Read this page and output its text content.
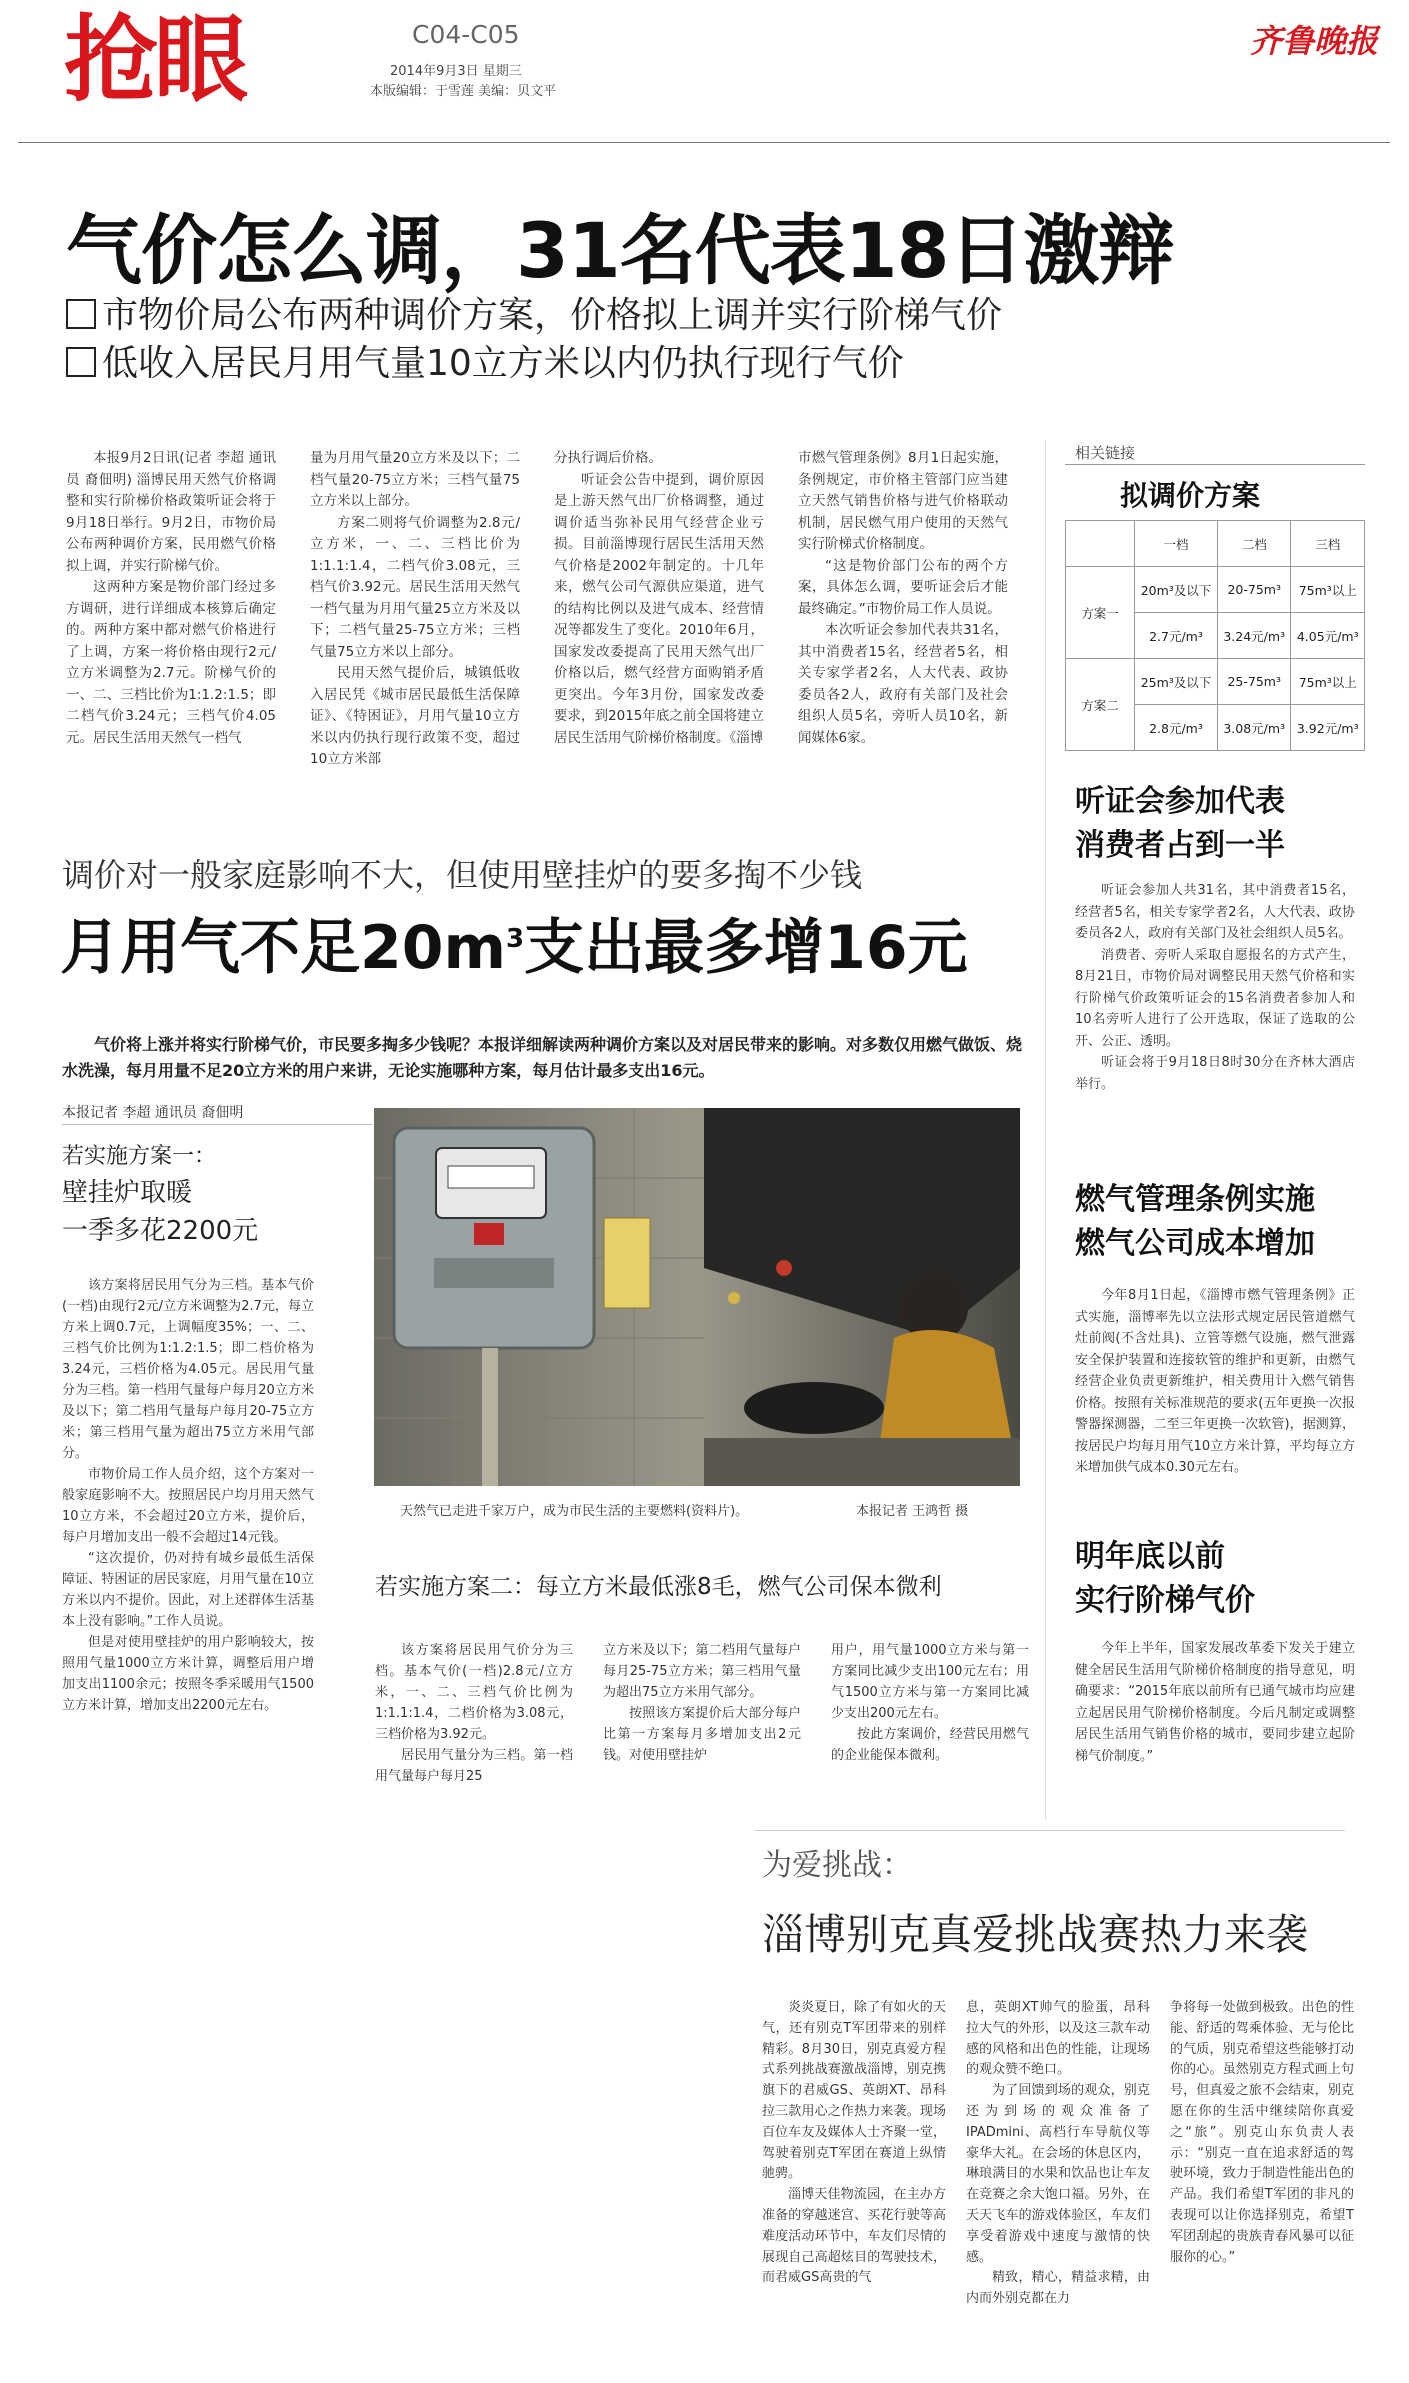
抢眼	C04-C05
2014年9月3日 星期三
本版编辑：于雪莲 美编：贝文平
齐鲁晚报
气价怎么调，31名代表18日激辩
市物价局公布两种调价方案，价格拟上调并实行阶梯气价
低收入居民月用气量10立方米以内仍执行现行气价

本报9月2日讯(记者 李超 通讯员 裔佃明) 淄博民用天然气价格调整和实行阶梯价格政策听证会将于9月18日举行。9月2日，市物价局公布两种调价方案，民用燃气价格拟上调，并实行阶梯气价。

这两种方案是物价部门经过多方调研，进行详细成本核算后确定的。两种方案中都对燃气价格进行了上调，方案一将价格由现行2元/立方米调整为2.7元。阶梯气价的一、二、三档比价为1:1.2:1.5；即二档气价3.24元；三档气价4.05元。居民生活用天然气一档气

量为月用气量20立方米及以下；二档气量20-75立方米；三档气量75立方米以上部分。

方案二则将气价调整为2.8元/立方米，一、二、三档比价为1:1.1:1.4，二档气价3.08元，三档气价3.92元。居民生活用天然气一档气量为月用气量25立方米及以下；二档气量25-75立方米；三档气量75立方米以上部分。

民用天然气提价后，城镇低收入居民凭《城市居民最低生活保障证》、《特困证》，月用气量10立方米以内仍执行现行政策不变，超过10立方米部

分执行调后价格。

听证会公告中提到，调价原因是上游天然气出厂价格调整，通过调价适当弥补民用气经营企业亏损。目前淄博现行居民生活用天然气价格是2002年制定的。十几年来，燃气公司气源供应渠道，进气的结构比例以及进气成本、经营情况等都发生了变化。2010年6月，国家发改委提高了民用天然气出厂价格以后，燃气经营方面购销矛盾更突出。今年3月份，国家发改委要求，到2015年底之前全国将建立居民生活用气阶梯价格制度。《淄博

市燃气管理条例》8月1日起实施，条例规定，市价格主管部门应当建立天然气销售价格与进气价格联动机制，居民燃气用户使用的天然气实行阶梯式价格制度。

“这是物价部门公布的两个方案，具体怎么调，要听证会后才能最终确定。”市物价局工作人员说。

本次听证会参加代表共31名，其中消费者15名，经营者5名，相关专家学者2名，人大代表、政协委员各2人，政府有关部门及社会组织人员5名，旁听人员10名，新闻媒体6家。

相关链接
拟调价方案
	一档	二档	三档
方案一	20m³及以下	20-75m³	75m³以上
	2.7元/m³	3.24元/m³	4.05元/m³
方案二	25m³及以下	25-75m³	75m³以上
	2.8元/m³	3.08元/m³	3.92元/m³
听证会参加代表
消费者占到一半

听证会参加人共31名，其中消费者15名，经营者5名，相关专家学者2名，人大代表、政协委员各2人，政府有关部门及社会组织人员5名。

消费者、旁听人采取自愿报名的方式产生，8月21日，市物价局对调整民用天然气价格和实行阶梯气价政策听证会的15名消费者参加人和10名旁听人进行了公开选取，保证了选取的公开、公正、透明。

听证会将于9月18日8时30分在齐林大酒店举行。

燃气管理条例实施
燃气公司成本增加

今年8月1日起，《淄博市燃气管理条例》正式实施，淄博率先以立法形式规定居民管道燃气灶前阀(不含灶具)、立管等燃气设施，燃气泄露安全保护装置和连接软管的维护和更新，由燃气经营企业负责更新维护，相关费用计入燃气销售价格。按照有关标准规范的要求(五年更换一次报警器探测器，二至三年更换一次软管)，据测算，按居民户均每月用气10立方米计算，平均每立方米增加供气成本0.30元左右。

明年底以前
实行阶梯气价

今年上半年，国家发展改革委下发关于建立健全居民生活用气阶梯价格制度的指导意见，明确要求：“2015年底以前所有已通气城市均应建立起居民用气阶梯价格制度。今后凡制定或调整居民生活用气销售价格的城市，要同步建立起阶梯气价制度。”

调价对一般家庭影响不大，但使用壁挂炉的要多掏不少钱
月用气不足$20m^3$支出最多增16元
气价将上涨并将实行阶梯气价，市民要多掏多少钱呢？本报详细解读两种调价方案以及对居民带来的影响。对多数仅用燃气做饭、烧水洗澡，每月用量不足20立方米的用户来讲，无论实施哪种方案，每月估计最多支出16元。
本报记者 李超 通讯员 裔佃明
若实施方案一：
壁挂炉取暖
一季多花2200元

该方案将居民用气分为三档。基本气价(一档)由现行2元/立方米调整为2.7元，每立方米上调0.7元，上调幅度35%；一、二、三档气价比例为1:1.2:1.5；即二档价格为3.24元，三档价格为4.05元。居民用气量分为三档。第一档用气量每户每月20立方米及以下；第二档用气量每户每月20-75立方米；第三档用气量为超出75立方米用气部分。

市物价局工作人员介绍，这个方案对一般家庭影响不大。按照居民户均月用天然气10立方米，不会超过20立方米，提价后，每户月增加支出一般不会超过14元钱。

“这次提价，仍对持有城乡最低生活保障证、特困证的居民家庭，月用气量在10立方米以内不提价。因此，对上述群体生活基本上没有影响。”工作人员说。

但是对使用壁挂炉的用户影响较大，按照用气量1000立方米计算，调整后用户增加支出1100余元；按照冬季采暖用气1500立方米计算，增加支出2200元左右。

天然气已走进千家万户，成为市民生活的主要燃料(资料片)。	本报记者 王鸿哲 摄
若实施方案二：每立方米最低涨8毛，燃气公司保本微利

该方案将居民用气价分为三档。基本气价(一档)2.8元/立方米，一、二、三档气价比例为1:1.1:1.4，二档价格为3.08元，三档价格为3.92元。

居民用气量分为三档。第一档用气量每户每月25

立方米及以下；第二档用气量每户每月25-75立方米；第三档用气量为超出75立方米用气部分。

按照该方案提价后大部分每户比第一方案每月多增加支出2元钱。对使用壁挂炉

用户，用气量1000立方米与第一方案同比减少支出100元左右；用气1500立方米与第一方案同比减少支出200元左右。

按此方案调价，经营民用燃气的企业能保本微利。

为爱挑战：
淄博别克真爱挑战赛热力来袭

炎炎夏日，除了有如火的天气，还有别克T军团带来的别样精彩。8月30日，别克真爱方程式系列挑战赛激战淄博，别克携旗下的君威GS、英朗XT、昂科拉三款用心之作热力来袭。现场百位车友及媒体人士齐聚一堂，驾驶着别克T军团在赛道上纵情驰骋。

淄博天佳物流园，在主办方准备的穿越迷宫、买花行驶等高难度活动环节中，车友们尽情的展现自己高超炫目的驾驶技术，而君威GS高贵的气

息，英朗XT帅气的脸蛋，昂科拉大气的外形，以及这三款车动感的风格和出色的性能，让现场的观众赞不绝口。

为了回馈到场的观众，别克还为到场的观众准备了IPADmini、高档行车导航仪等豪华大礼。在会场的休息区内，琳琅满目的水果和饮品也让车友在竞赛之余大饱口福。另外，在天天飞车的游戏体验区，车友们享受着游戏中速度与激情的快感。

精致，精心，精益求精，由内而外别克都在力

争将每一处做到极致。出色的性能、舒适的驾乘体验、无与伦比的气质，别克希望这些能够打动你的心。虽然别克方程式画上句号，但真爱之旅不会结束，别克愿在你的生活中继续陪你真爱之“旅”。别克山东负责人表示：“别克一直在追求舒适的驾驶环境，致力于制造性能出色的产品。我们希望T军团的非凡的表现可以让你选择别克，希望T军团刮起的贵族青春风暴可以征服你的心。”
